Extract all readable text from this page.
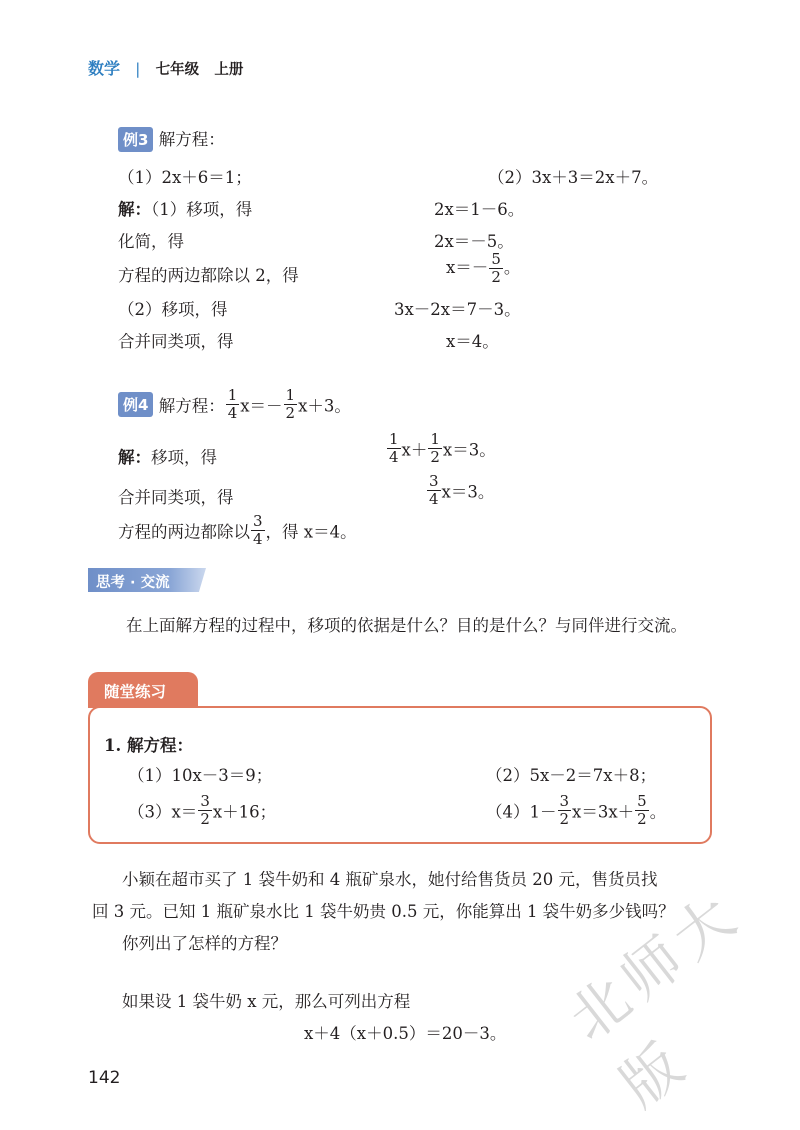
数学 | 七年级 上册
例3 解方程：
（1）2x＋6＝1；	（2）3x＋3＝2x＋7。
解：（1）移项，得	2x＝1－6。
化简，得	2x＝－5。
方程的两边都除以 2，得	$x=- \frac{5}{2}$ 。
（2）移项，得	3x－2x＝7－3。
合并同类项，得	x＝4。
例4 解方程： $\frac{1}{4} x=- \frac{1}{2} x+3$。
解：移项，得	$\frac{1}{4} x+ \frac{1}{2} x=3$。
合并同类项，得	$\frac{3}{4} x=3$。
方程的两边都除以 $\frac{3}{4}$ ，得 x＝4。
思考 · 交流
在上面解方程的过程中，移项的依据是什么？目的是什么？与同伴进行交流。
随堂练习
1. 解方程：
（1）10x－3＝9；	（2）5x－2＝7x＋8；
$(3)x= \frac{3}{2} x+16$；	$(4)1- \frac{3}{2} x=3x+ \frac{5}{2}$ 。
小颖在超市买了 1 袋牛奶和 4 瓶矿泉水，她付给售货员 20 元，售货员找
回 3 元。已知 1 瓶矿泉水比 1 袋牛奶贵 0.5 元，你能算出 1 袋牛奶多少钱吗？
你列出了怎样的方程？
如果设 1 袋牛奶 x 元，那么可列出方程
x＋4（x＋0.5）＝20－3。
142
北师大版
